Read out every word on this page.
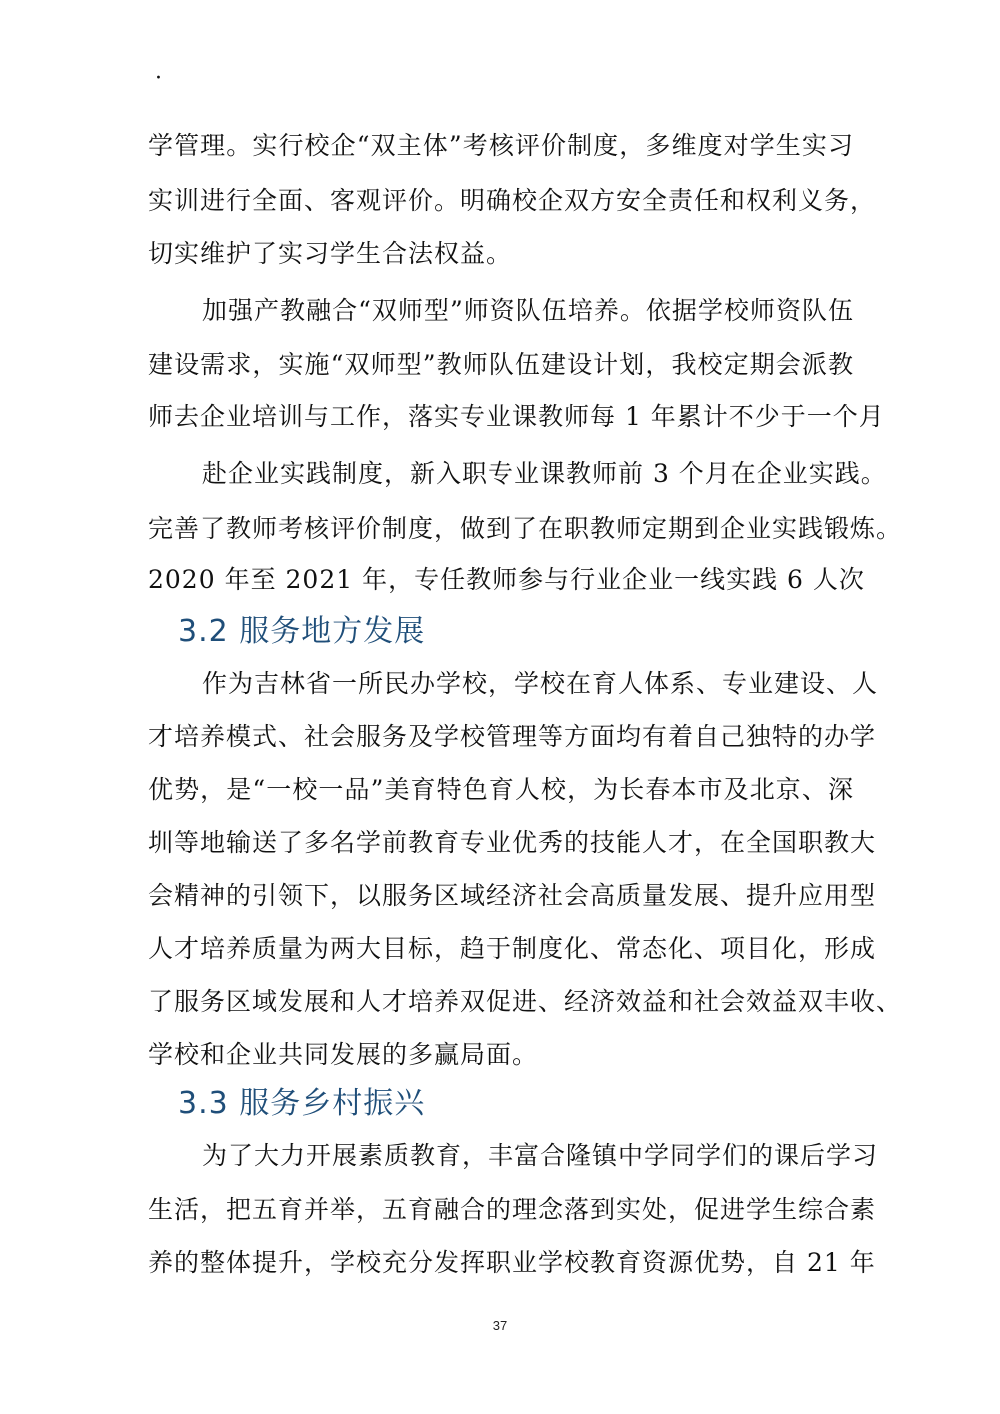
·
学管理。实行校企“双主体”考核评价制度，多维度对学生实习
实训进行全面、客观评价。明确校企双方安全责任和权利义务，
切实维护了实习学生合法权益。
加强产教融合“双师型”师资队伍培养。依据学校师资队伍
建设需求，实施“双师型”教师队伍建设计划，我校定期会派教
师去企业培训与工作，落实专业课教师每 1 年累计不少于一个月
赴企业实践制度，新入职专业课教师前 3 个月在企业实践。
完善了教师考核评价制度，做到了在职教师定期到企业实践锻炼。
2020 年至 2021 年，专任教师参与行业企业一线实践 6 人次
3.2 服务地方发展
作为吉林省一所民办学校，学校在育人体系、专业建设、人
才培养模式、社会服务及学校管理等方面均有着自己独特的办学
优势，是“一校一品”美育特色育人校，为长春本市及北京、深
圳等地输送了多名学前教育专业优秀的技能人才，在全国职教大
会精神的引领下，以服务区域经济社会高质量发展、提升应用型
人才培养质量为两大目标，趋于制度化、常态化、项目化，形成
了服务区域发展和人才培养双促进、经济效益和社会效益双丰收、
学校和企业共同发展的多赢局面。
3.3 服务乡村振兴
为了大力开展素质教育，丰富合隆镇中学同学们的课后学习
生活，把五育并举，五育融合的理念落到实处，促进学生综合素
养的整体提升，学校充分发挥职业学校教育资源优势，自 21 年
37
